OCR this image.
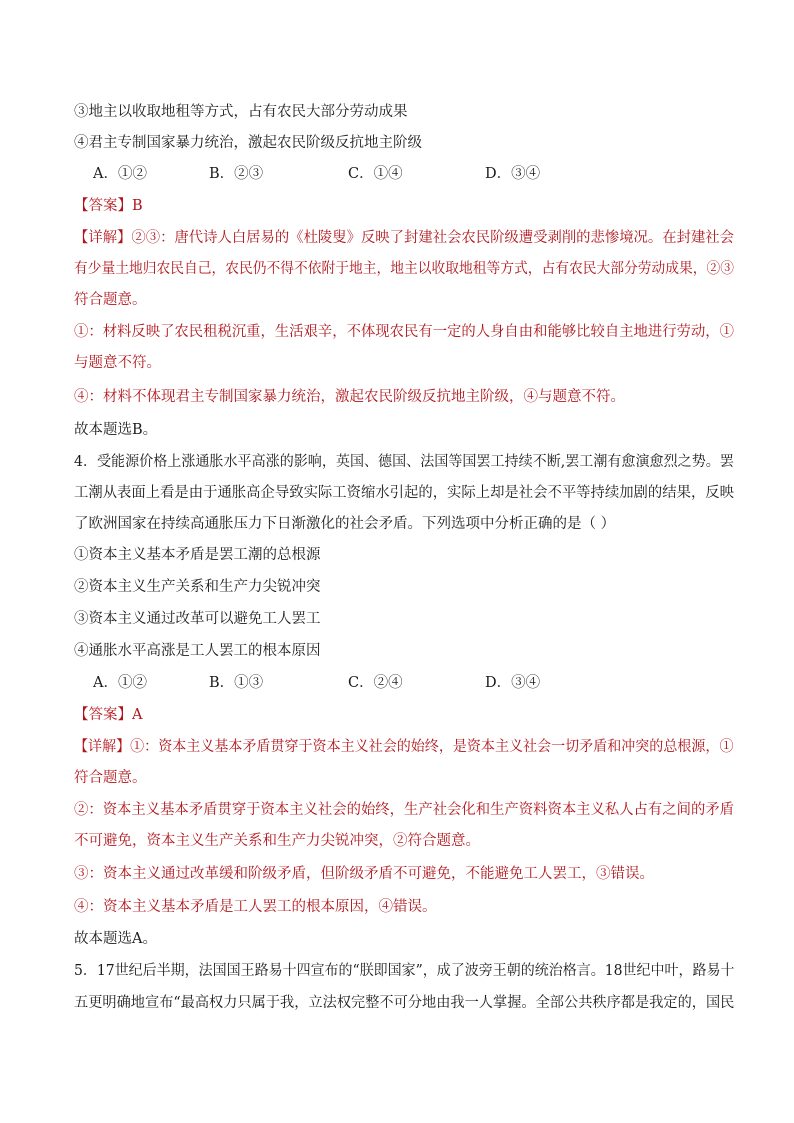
③地主以收取地租等方式，占有农民大部分劳动成果
④君主专制国家暴力统治，激起农民阶级反抗地主阶级
A．①②	B．②③	C．①④	D．③④
【答案】B
【详解】②③：唐代诗人白居易的《杜陵叟》反映了封建社会农民阶级遭受剥削的悲惨境况。在封建社会
有少量土地归农民自己，农民仍不得不依附于地主，地主以收取地租等方式，占有农民大部分劳动成果，②③
符合题意。
①：材料反映了农民租税沉重，生活艰辛，不体现农民有一定的人身自由和能够比较自主地进行劳动，①
与题意不符。
④：材料不体现君主专制国家暴力统治，激起农民阶级反抗地主阶级，④与题意不符。
故本题选B。
4．受能源价格上涨通胀水平高涨的影响，英国、德国、法国等国罢工持续不断,罢工潮有愈演愈烈之势。罢
工潮从表面上看是由于通胀高企导致实际工资缩水引起的，实际上却是社会不平等持续加剧的结果，反映
了欧洲国家在持续高通胀压力下日渐激化的社会矛盾。下列选项中分析正确的是（ ）
①资本主义基本矛盾是罢工潮的总根源
②资本主义生产关系和生产力尖锐冲突
③资本主义通过改革可以避免工人罢工
④通胀水平高涨是工人罢工的根本原因
A．①②	B．①③	C．②④	D．③④
【答案】A
【详解】①：资本主义基本矛盾贯穿于资本主义社会的始终，是资本主义社会一切矛盾和冲突的总根源，①
符合题意。
②：资本主义基本矛盾贯穿于资本主义社会的始终，生产社会化和生产资料资本主义私人占有之间的矛盾
不可避免，资本主义生产关系和生产力尖锐冲突，②符合题意。
③：资本主义通过改革缓和阶级矛盾，但阶级矛盾不可避免，不能避免工人罢工，③错误。
④：资本主义基本矛盾是工人罢工的根本原因，④错误。
故本题选A。
5．17世纪后半期，法国国王路易十四宣布的“朕即国家”，成了波旁王朝的统治格言。18世纪中叶，路易十
五更明确地宣布“最高权力只属于我，立法权完整不可分地由我一人掌握。全部公共秩序都是我定的，国民
